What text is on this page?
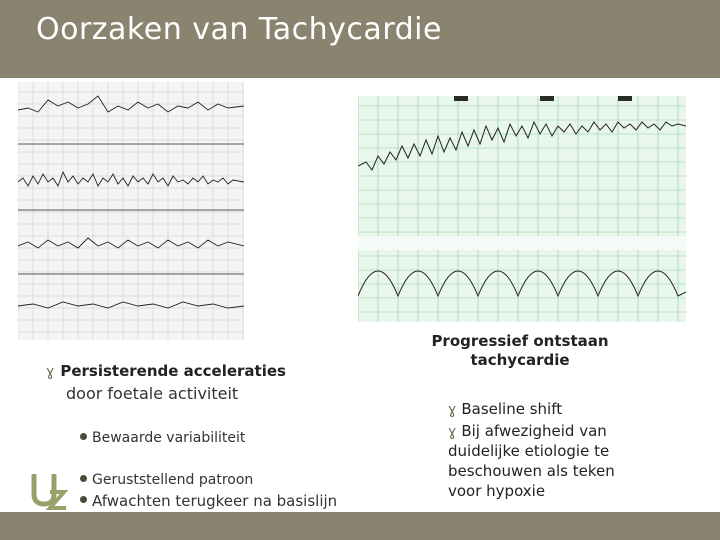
Oorzaken van Tachycardie
ɣ Persisterende acceleraties
door foetale activiteit
Bewaarde variabiliteit
Geruststellend patroon
Afwachten terugkeer na basislijn
Progressief ontstaan
tachycardie
ɣ Baseline shift
ɣ Bij afwezigheid van
duidelijke etiologie te
beschouwen als teken
voor hypoxie
